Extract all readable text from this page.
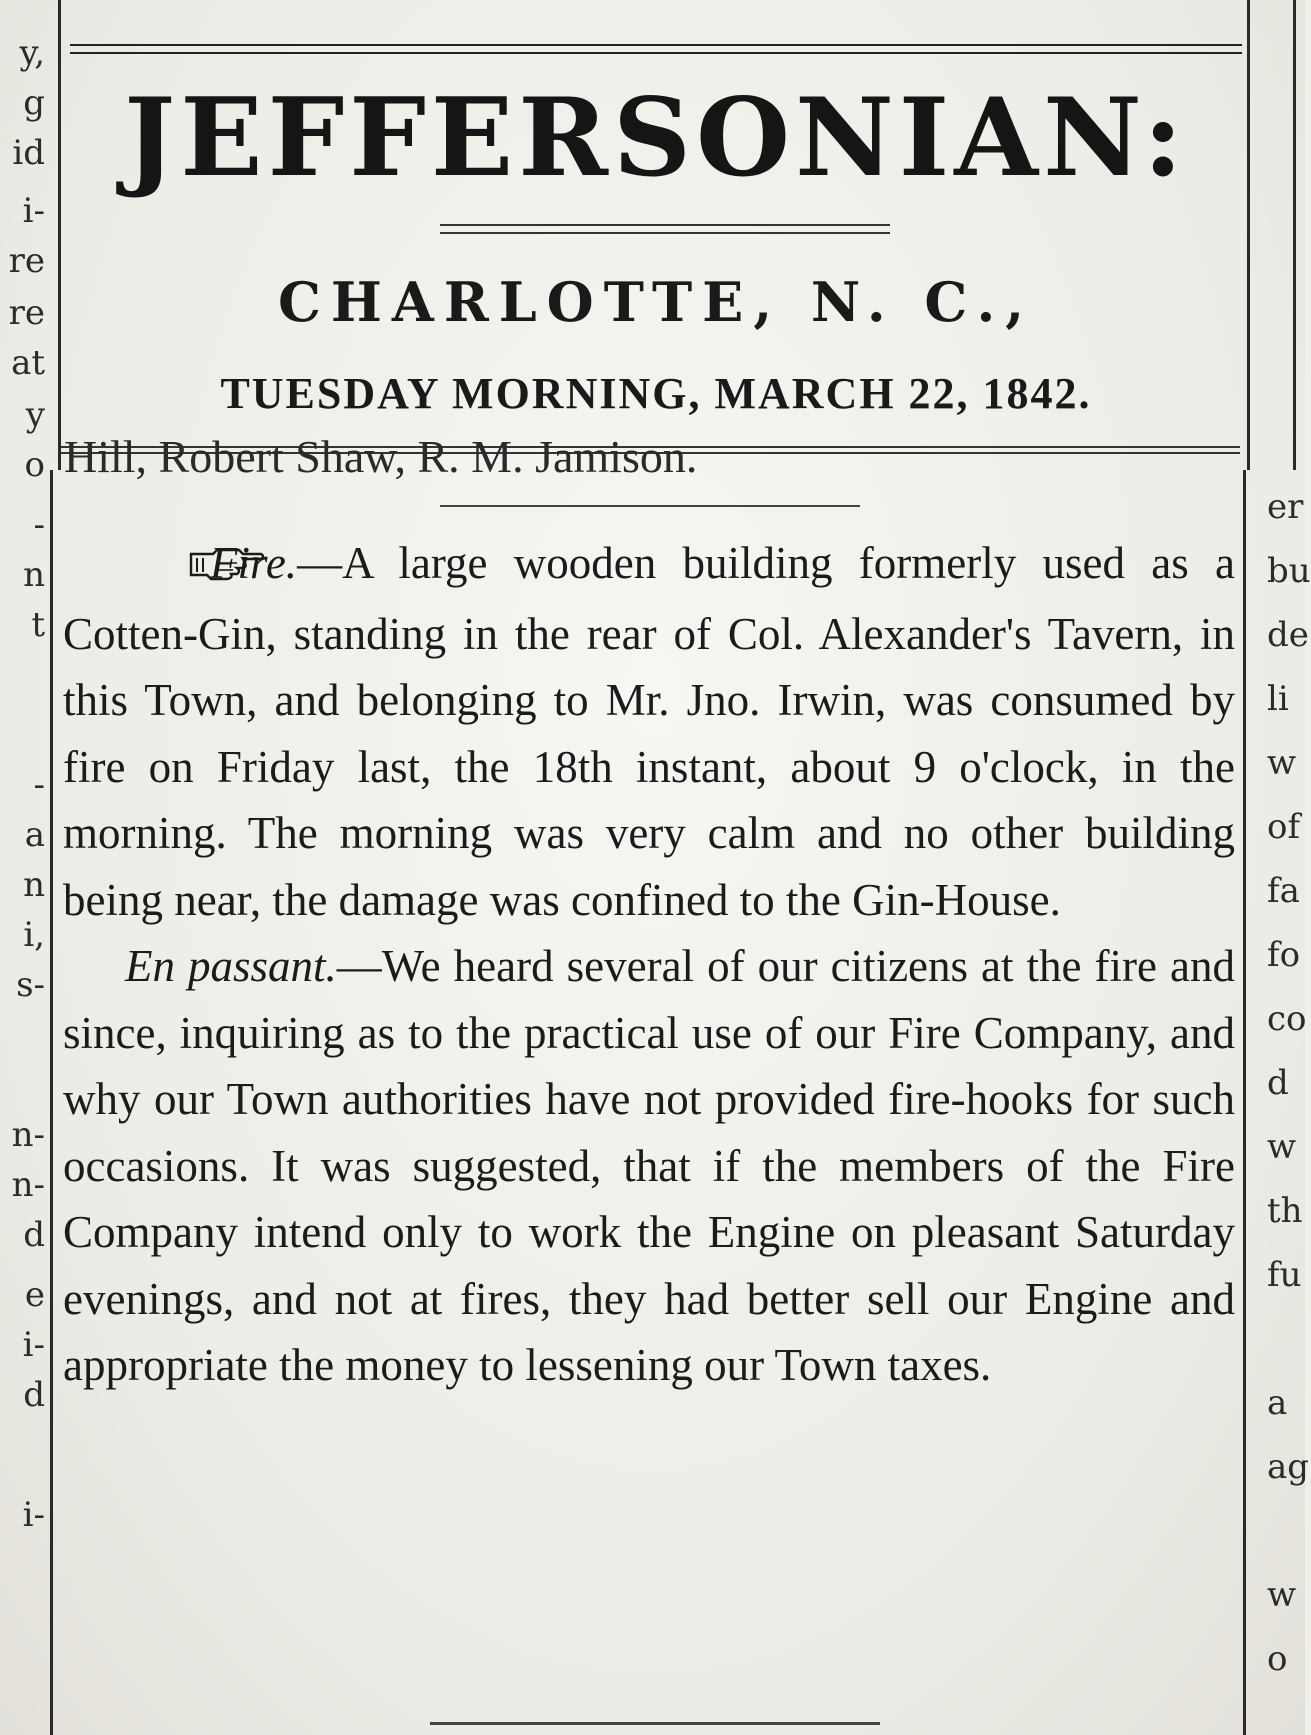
y,
g
id
i-
re
re
at
y
o
-
n
t
-
a
n
i,
s-
n-
n-
d
e
i-
d
i-
er
bu
de
li
w
of
fa
fo
co
d
w
th
fu
a
ag
w
o
JEFFERSONIAN:
CHARLOTTE, N. C.,
TUESDAY MORNING, MARCH 22, 1842.
Hill, Robert Shaw, R. M. Jamison.

Fire.—A large wooden building formerly used as a Cotten-Gin, standing in the rear of Col. Alexander's Tavern, in this Town, and belonging to Mr. Jno. Irwin, was consumed by fire on Friday last, the 18th instant, about 9 o'clock, in the morning. The morning was very calm and no other building being near, the damage was confined to the Gin-House.

En passant.—We heard several of our citizens at the fire and since, inquiring as to the practical use of our Fire Company, and why our Town authorities have not provided fire-hooks for such occasions. It was suggested, that if the members of the Fire Company intend only to work the Engine on pleasant Saturday evenings, and not at fires, they had better sell our Engine and appropriate the money to lessening our Town taxes.
